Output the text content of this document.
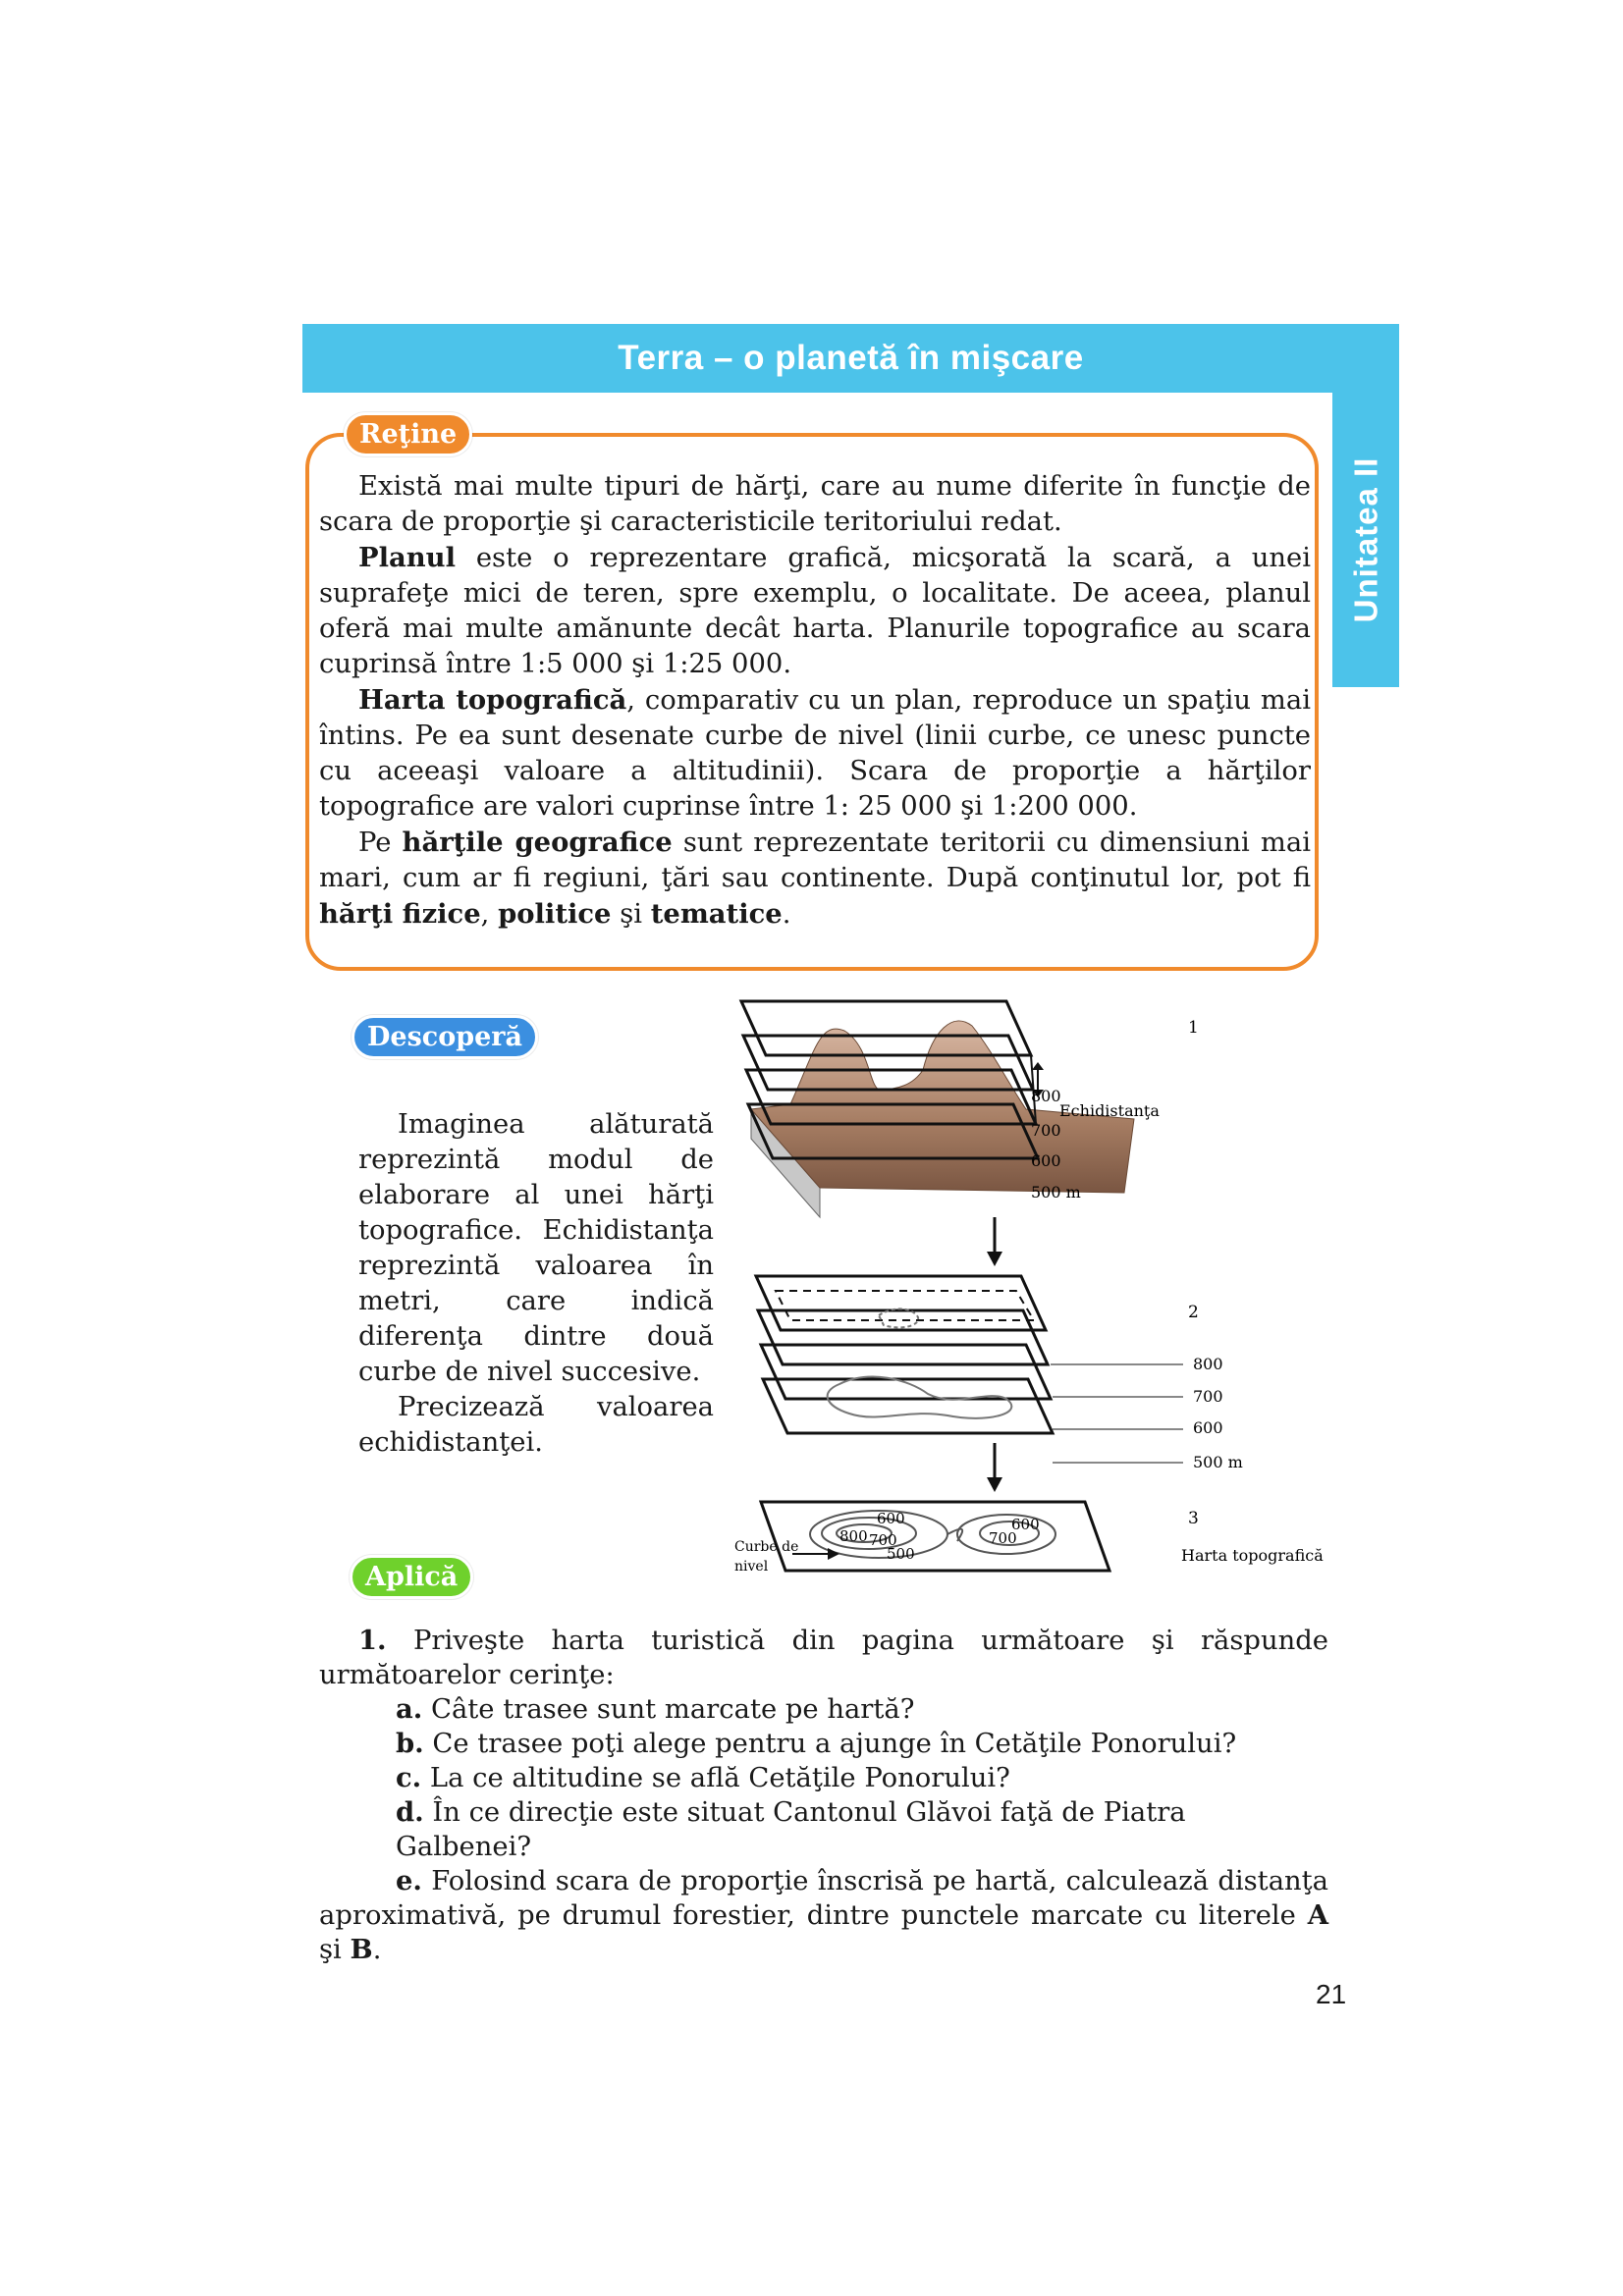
Terra – o planetă în mişcare
Unitatea II
Reţine

Există mai multe tipuri de hărţi, care au nume diferite în funcţie de scara de proporţie şi caracteristicile teritoriului redat.

Planul este o reprezentare grafică, micşorată la scară, a unei suprafeţe mici de teren, spre exemplu, o localitate. De aceea, planul oferă mai multe amănunte decât harta. Planurile topografice au scara cuprinsă între 1:5 000 şi 1:25 000.

Harta topografică, comparativ cu un plan, reproduce un spaţiu mai întins. Pe ea sunt desenate curbe de nivel (linii curbe, ce unesc puncte cu aceeaşi valoare a altitudinii). Scara de proporţie a hărţilor topografice are valori cuprinse între 1: 25 000 şi 1:200 000.

Pe hărţile geografice sunt reprezentate teritorii cu dimensiuni mai mari, cum ar fi regiuni, ţări sau continente. După conţinutul lor, pot fi hărţi fizice, politice şi tematice.

Descoperă

Imaginea alăturată reprezintă modul de elaborare al unei hărţi topografice. Echidistanţa reprezintă valoarea în metri, care indică diferenţa dintre două curbe de nivel succesive.

Precizează valoarea echidistanţei.

1
800
Echidistanţa
700
600
500 m
2
800
700
600
500 m
3
600
800 700
500
600
700
Curbe de
nivel
Harta topografică
Aplică

1. Priveşte harta turistică din pagina următoare şi răspunde următoarelor cerinţe:

a. Câte trasee sunt marcate pe hartă?

b. Ce trasee poţi alege pentru a ajunge în Cetăţile Ponorului?

c. La ce altitudine se află Cetăţile Ponorului?

d. În ce direcţie este situat Cantonul Glăvoi faţă de Piatra Galbenei?

e. Folosind scara de proporţie înscrisă pe hartă, calculează distanţa aproximativă, pe drumul forestier, dintre punctele marcate cu literele A şi B.

21
